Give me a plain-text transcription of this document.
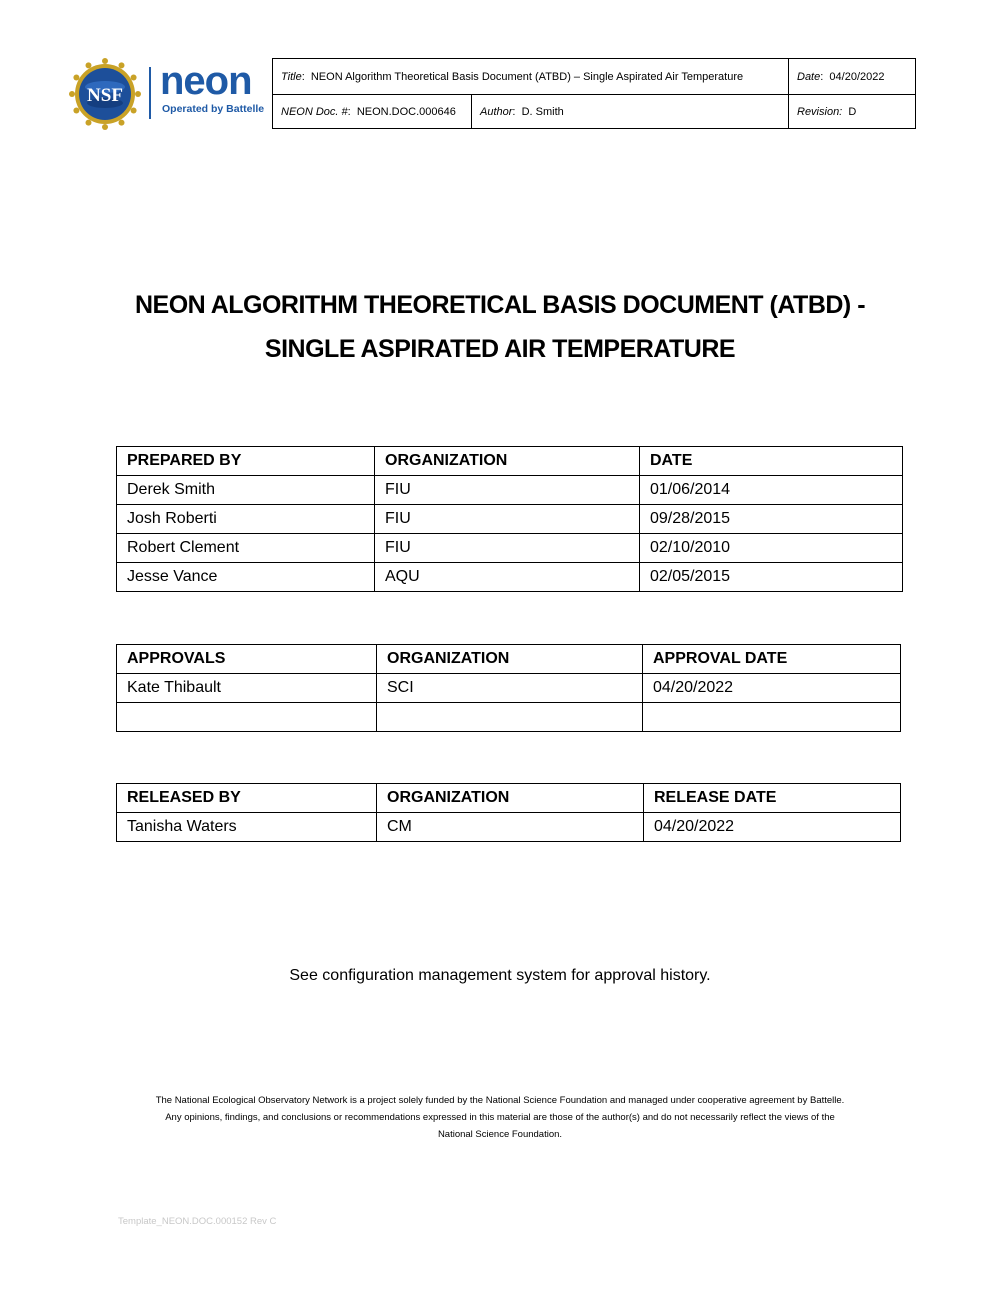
NSF neon
Operated by Battelle
Title:  NEON Algorithm Theoretical Basis Document (ATBD) – Single Aspirated Air Temperature		Date:  04/20/2022
NEON Doc. #:  NEON.DOC.000646	Author:  D. Smith	Revision: D
NEON ALGORITHM THEORETICAL BASIS DOCUMENT (ATBD) -
SINGLE ASPIRATED AIR TEMPERATURE
PREPARED BY	ORGANIZATION	DATE
Derek Smith	FIU	01/06/2014
Josh Roberti	FIU	09/28/2015
Robert Clement	FIU	02/10/2010
Jesse Vance	AQU	02/05/2015
APPROVALS	ORGANIZATION	APPROVAL DATE
Kate Thibault	SCI	04/20/2022

RELEASED BY	ORGANIZATION	RELEASE DATE
Tanisha Waters	CM	04/20/2022
See configuration management system for approval history.
The National Ecological Observatory Network is a project solely funded by the National Science Foundation and managed under cooperative agreement by Battelle.
Any opinions, findings, and conclusions or recommendations expressed in this material are those of the author(s) and do not necessarily reflect the views of the
National Science Foundation.
Template_NEON.DOC.000152 Rev C
